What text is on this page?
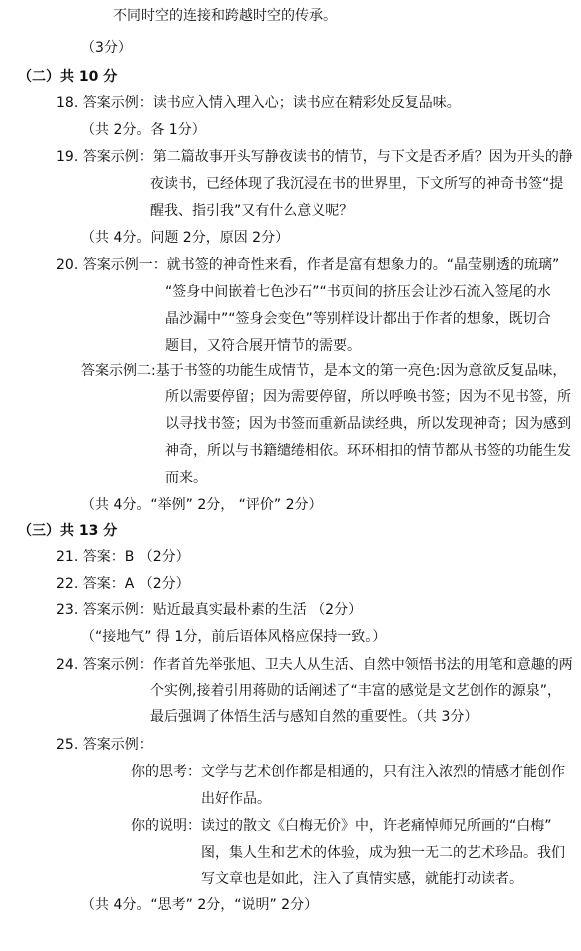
不同时空的连接和跨越时空的传承。
（3分）
（二）共 10 分
18. 答案示例：读书应入情入理入心；读书应在精彩处反复品味。
（共 2分。各 1分）
19. 答案示例：第二篇故事开头写静夜读书的情节，与下文是否矛盾？因为开头的静
夜读书，已经体现了我沉浸在书的世界里，下文所写的神奇书签“提
醒我、指引我”又有什么意义呢？
（共 4分。问题 2分，原因 2分）
20. 答案示例一：就书签的神奇性来看，作者是富有想象力的。“晶莹剔透的琉璃”
“签身中间嵌着七色沙石”“书页间的挤压会让沙石流入签尾的水
晶沙漏中”“签身会变色”等别样设计都出于作者的想象，既切合
题目，又符合展开情节的需要。
答案示例二:基于书签的功能生成情节，是本文的第一亮色:因为意欲反复品味，
所以需要停留；因为需要停留，所以呼唤书签；因为不见书签，所
以寻找书签；因为书签而重新品读经典，所以发现神奇；因为感到
神奇，所以与书籍缱绻相依。环环相扣的情节都从书签的功能生发
而来。
（共 4分。“举例” 2分， “评价” 2分）
（三）共 13 分
21. 答案：B （2分）
22. 答案：A （2分）
23. 答案示例：贴近最真实最朴素的生活 （2分）
（“接地气” 得 1分，前后语体风格应保持一致。）
24. 答案示例：作者首先举张旭、卫夫人从生活、自然中领悟书法的用笔和意趣的两
个实例,接着引用蒋勋的话阐述了“丰富的感觉是文艺创作的源泉”，
最后强调了体悟生活与感知自然的重要性。（共 3分）
25. 答案示例：
你的思考：文学与艺术创作都是相通的，只有注入浓烈的情感才能创作
出好作品。
你的说明：读过的散文《白梅无价》中，许老痛悼师兄所画的“白梅”
图，集人生和艺术的体验，成为独一无二的艺术珍品。我们
写文章也是如此，注入了真情实感，就能打动读者。
（共 4分。“思考” 2分，“说明” 2分）
